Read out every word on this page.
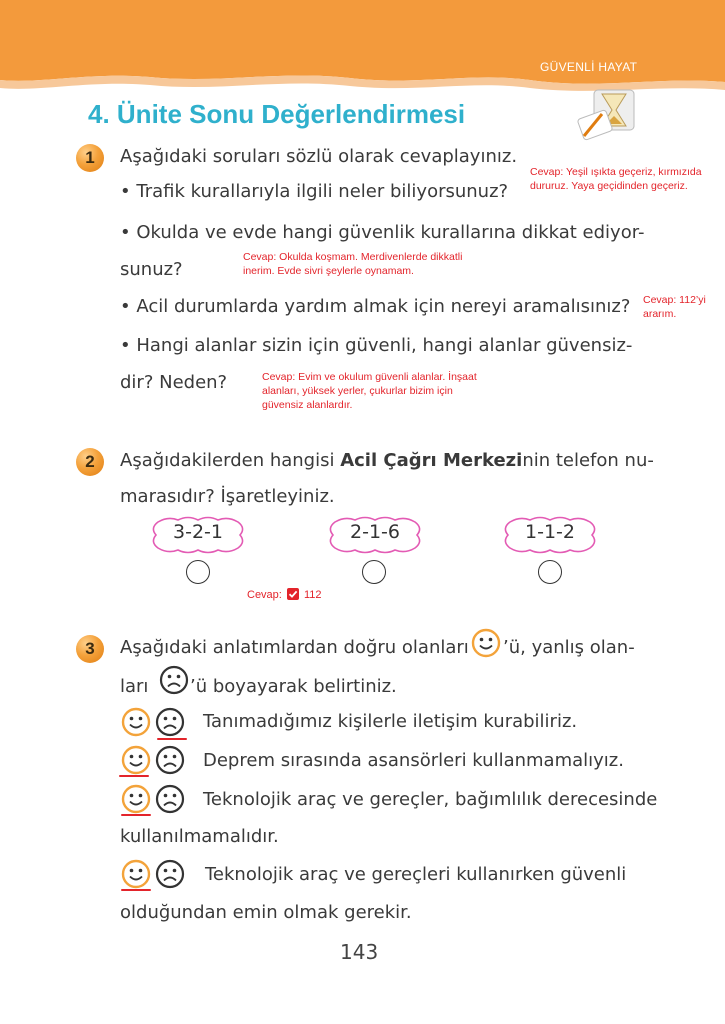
GÜVENLİ HAYAT
4. Ünite Sonu Değerlendirmesi
1	Aşağıdaki soruları sözlü olarak cevaplayınız.
• Trafik kurallarıyla ilgili neler biliyorsunuz?
• Okulda ve evde hangi güvenlik kurallarına dikkat ediyor-
sunuz?
• Acil durumlarda yardım almak için nereyi aramalısınız?
• Hangi alanlar sizin için güvenli, hangi alanlar güvensiz-
dir? Neden?
Cevap: Yeşil ışıkta geçeriz, kırmızıda
dururuz. Yaya geçidinden geçeriz.
Cevap: Okulda koşmam. Merdivenlerde dikkatli
inerim. Evde sivri şeylerle oynamam.
Cevap: 112’yi
ararım.
Cevap: Evim ve okulum güvenli alanlar. İnşaat
alanları, yüksek yerler, çukurlar bizim için
güvensiz alanlardır.
2	Aşağıdakilerden hangisi Acil Çağrı Merkezinin telefon nu-
marasıdır? İşaretleyiniz.
3-2-1	2-1-6	1-1-2
Cevap: 112
3	Aşağıdaki anlatımlardan doğru olanları ’ü, yanlış olan-
ları ’ü boyayarak belirtiniz.
Tanımadığımız kişilerle iletişim kurabiliriz.
Deprem sırasında asansörleri kullanmamalıyız.
Teknolojik araç ve gereçler, bağımlılık derecesinde
kullanılmamalıdır.
Teknolojik araç ve gereçleri kullanırken güvenli
olduğundan emin olmak gerekir.
143
